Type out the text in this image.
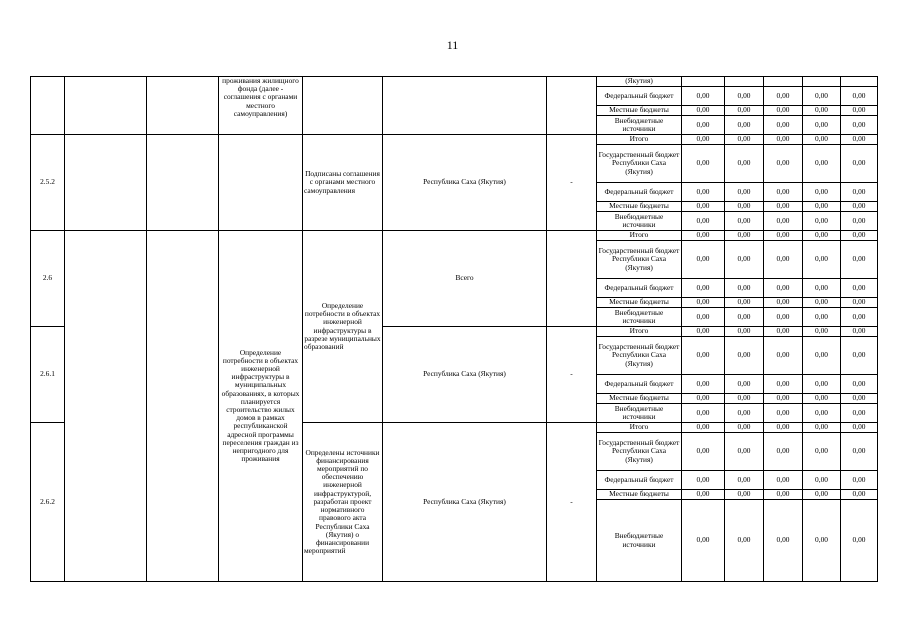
11
			проживания жилищного фонда (далее - соглашения с органами местного самоуправления)				(Якутия)					
							Федеральный бюджет	0,00	0,00	0,00	0,00	0,00
							Местные бюджеты	0,00	0,00	0,00	0,00	0,00
							Внебюджетные источники	0,00	0,00	0,00	0,00	0,00
2.5.2				Подписаны соглашения с органами местного самоуправления	Республика Саха (Якутия)	-	Итого	0,00	0,00	0,00	0,00	0,00
							Государственный бюджет Республики Саха (Якутия)	0,00	0,00	0,00	0,00	0,00
							Федеральный бюджет	0,00	0,00	0,00	0,00	0,00
							Местные бюджеты	0,00	0,00	0,00	0,00	0,00
							Внебюджетные источники	0,00	0,00	0,00	0,00	0,00
2.6			Определение потребности в объектах инженерной инфраструктуры в муниципальных образованиях, в которых планируется строительство жилых домов в рамках республиканской адресной программы переселения граждан из непригодного для проживания	Определение потребности в объектах инженерной инфраструктуры в разрезе муниципальных образований	Всего		Итого	0,00	0,00	0,00	0,00	0,00
							Государственный бюджет Республики Саха (Якутия)	0,00	0,00	0,00	0,00	0,00
							Федеральный бюджет	0,00	0,00	0,00	0,00	0,00
							Местные бюджеты	0,00	0,00	0,00	0,00	0,00
							Внебюджетные источники	0,00	0,00	0,00	0,00	0,00
2.6.1					Республика Саха (Якутия)	-	Итого	0,00	0,00	0,00	0,00	0,00
							Государственный бюджет Республики Саха (Якутия)	0,00	0,00	0,00	0,00	0,00
							Федеральный бюджет	0,00	0,00	0,00	0,00	0,00
							Местные бюджеты	0,00	0,00	0,00	0,00	0,00
							Внебюджетные источники	0,00	0,00	0,00	0,00	0,00
2.6.2				Определены источники финансирования мероприятий по обеспечению инженерной инфраструктурой, разработан проект нормативного правового акта Республики Саха (Якутия) о финансировании мероприятий	Республика Саха (Якутия)	-	Итого	0,00	0,00	0,00	0,00	0,00
							Государственный бюджет Республики Саха (Якутия)	0,00	0,00	0,00	0,00	0,00
							Федеральный бюджет	0,00	0,00	0,00	0,00	0,00
							Местные бюджеты	0,00	0,00	0,00	0,00	0,00
							Внебюджетные источники	0,00	0,00	0,00	0,00	0,00
